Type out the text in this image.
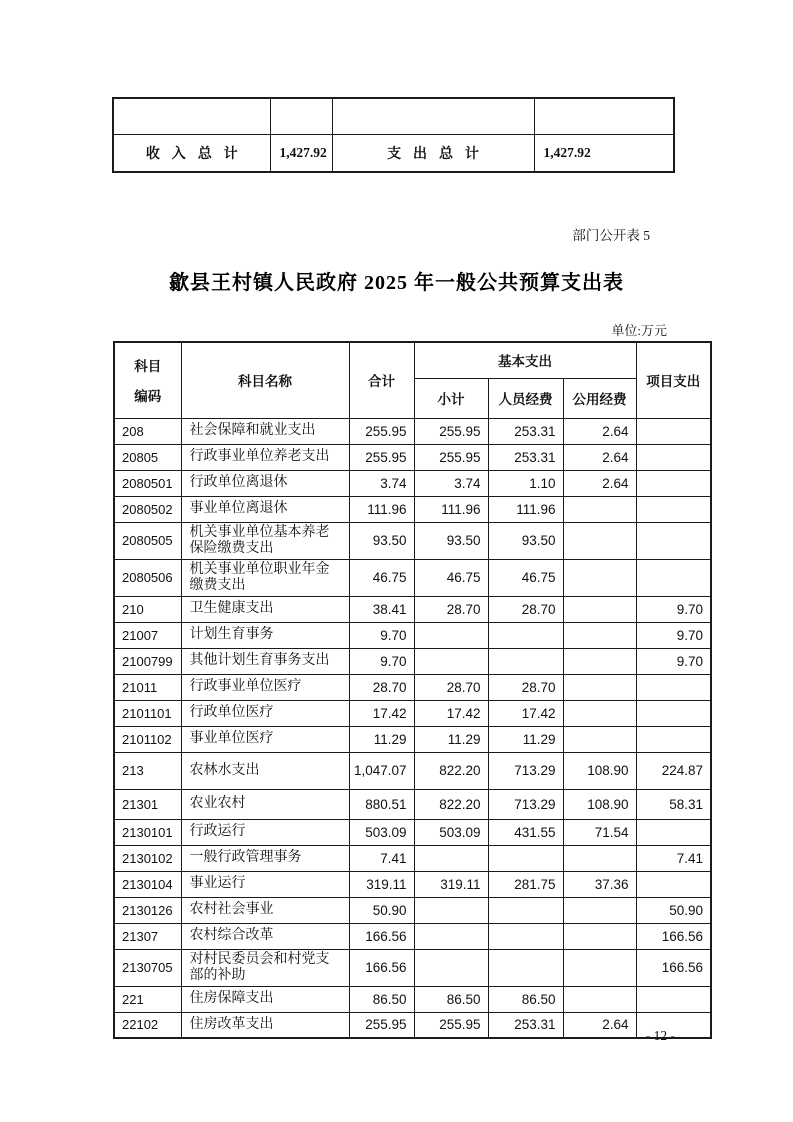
收入总计	1,427.92	支出总计	1,427.92
部门公开表 5
歙县王村镇人民政府 2025 年一般公共预算支出表
单位:万元
科目
编码	科目名称	合计	基本支出			项目支出
			小计	人员经费	公用经费	
208	社会保障和就业支出	255.95	255.95	253.31	2.64	
20805	行政事业单位养老支出	255.95	255.95	253.31	2.64	
2080501	行政单位离退休	3.74	3.74	1.10	2.64	
2080502	事业单位离退休	111.96	111.96	111.96		
2080505	机关事业单位基本养老保险缴费支出	93.50	93.50	93.50		
2080506	机关事业单位职业年金缴费支出	46.75	46.75	46.75		
210	卫生健康支出	38.41	28.70	28.70		9.70
21007	计划生育事务	9.70				9.70
2100799	其他计划生育事务支出	9.70				9.70
21011	行政事业单位医疗	28.70	28.70	28.70		
2101101	行政单位医疗	17.42	17.42	17.42		
2101102	事业单位医疗	11.29	11.29	11.29		
213	农林水支出	1,047.07	822.20	713.29	108.90	224.87
21301	农业农村	880.51	822.20	713.29	108.90	58.31
2130101	行政运行	503.09	503.09	431.55	71.54	
2130102	一般行政管理事务	7.41				7.41
2130104	事业运行	319.11	319.11	281.75	37.36	
2130126	农村社会事业	50.90				50.90
21307	农村综合改革	166.56				166.56
2130705	对村民委员会和村党支部的补助	166.56				166.56
221	住房保障支出	86.50	86.50	86.50		
22102	住房改革支出	255.95	255.95	253.31	2.64	
- 12 -
